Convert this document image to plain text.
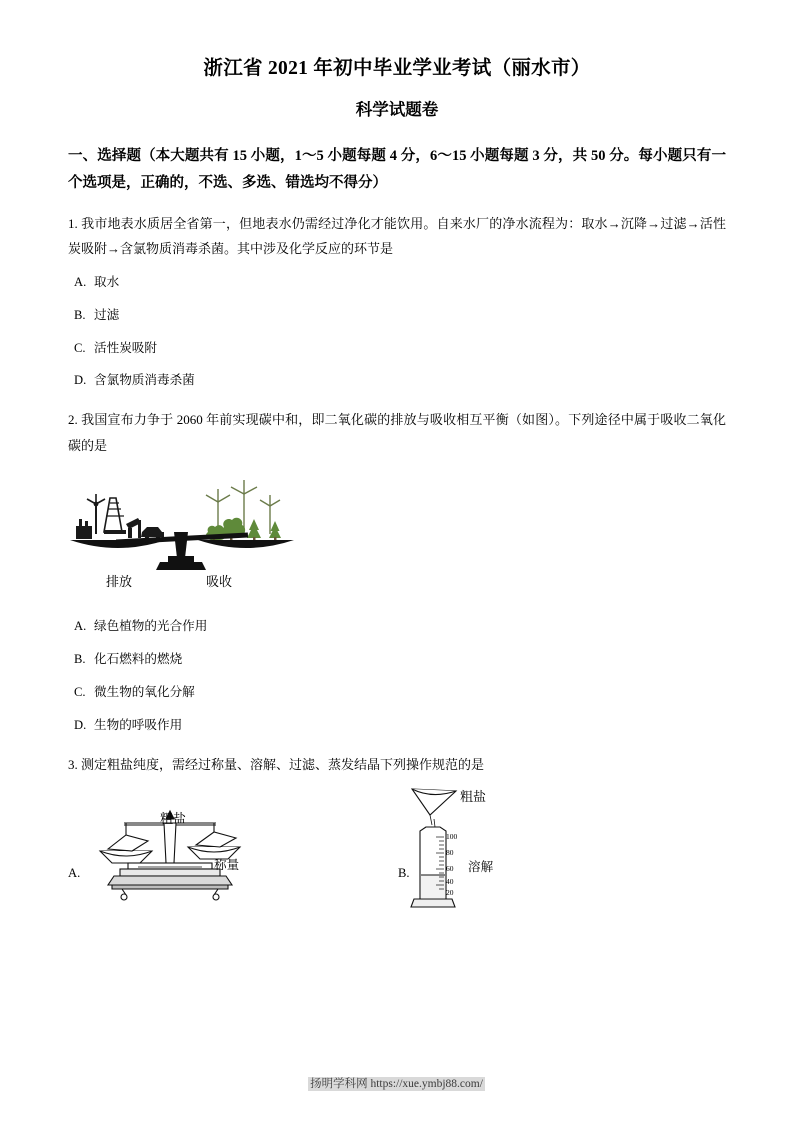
浙江省 2021 年初中毕业学业考试（丽水市）
科学试题卷
一、选择题（本大题共有 15 小题，1～5 小题每题 4 分，6～15 小题每题 3 分，共 50 分。每小题只有一个选项是，正确的，不选、多选、错选均不得分）
1. 我市地表水质居全省第一，但地表水仍需经过净化才能饮用。自来水厂的净水流程为：取水→沉降→过滤→活性炭吸附→含氯物质消毒杀菌。其中涉及化学反应的环节是
A. 取水
B. 过滤
C. 活性炭吸附
D. 含氯物质消毒杀菌
2. 我国宣布力争于 2060 年前实现碳中和，即二氧化碳的排放与吸收相互平衡（如图）。下列途径中属于吸收二氧化碳的是
排放	吸收
A. 绿色植物的光合作用
B. 化石燃料的燃烧
C. 微生物的氧化分解
D. 生物的呼吸作用
3. 测定粗盐纯度，需经过称量、溶解、过滤、蒸发结晶下列操作规范的是
A.
粗盐
称量
B.
100
80
60
40
20
粗盐
溶解
扬明学科网 https://xue.ymbj88.com/
